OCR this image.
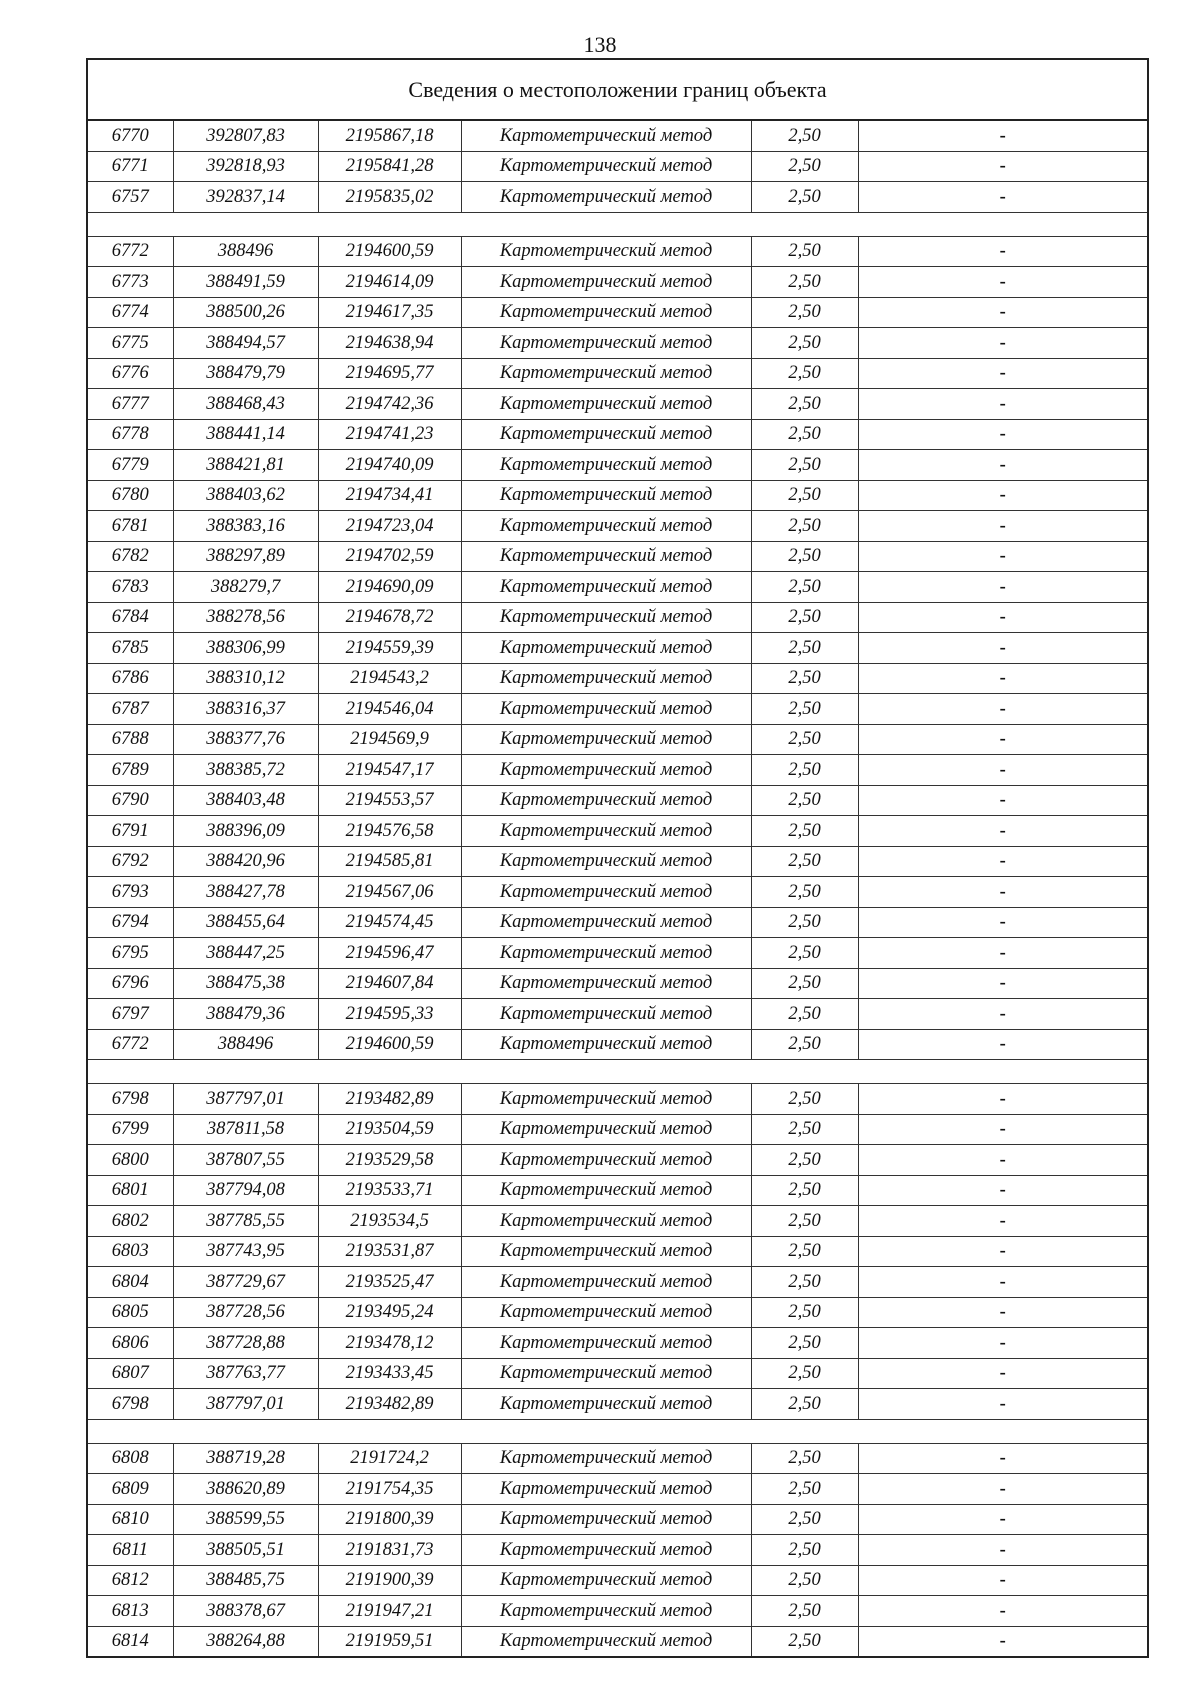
138
Сведения о местоположении границ объекта
6770	392807,83	2195867,18	Картометрический метод	2,50	-
6771	392818,93	2195841,28	Картометрический метод	2,50	-
6757	392837,14	2195835,02	Картометрический метод	2,50	-

6772	388496	2194600,59	Картометрический метод	2,50	-
6773	388491,59	2194614,09	Картометрический метод	2,50	-
6774	388500,26	2194617,35	Картометрический метод	2,50	-
6775	388494,57	2194638,94	Картометрический метод	2,50	-
6776	388479,79	2194695,77	Картометрический метод	2,50	-
6777	388468,43	2194742,36	Картометрический метод	2,50	-
6778	388441,14	2194741,23	Картометрический метод	2,50	-
6779	388421,81	2194740,09	Картометрический метод	2,50	-
6780	388403,62	2194734,41	Картометрический метод	2,50	-
6781	388383,16	2194723,04	Картометрический метод	2,50	-
6782	388297,89	2194702,59	Картометрический метод	2,50	-
6783	388279,7	2194690,09	Картометрический метод	2,50	-
6784	388278,56	2194678,72	Картометрический метод	2,50	-
6785	388306,99	2194559,39	Картометрический метод	2,50	-
6786	388310,12	2194543,2	Картометрический метод	2,50	-
6787	388316,37	2194546,04	Картометрический метод	2,50	-
6788	388377,76	2194569,9	Картометрический метод	2,50	-
6789	388385,72	2194547,17	Картометрический метод	2,50	-
6790	388403,48	2194553,57	Картометрический метод	2,50	-
6791	388396,09	2194576,58	Картометрический метод	2,50	-
6792	388420,96	2194585,81	Картометрический метод	2,50	-
6793	388427,78	2194567,06	Картометрический метод	2,50	-
6794	388455,64	2194574,45	Картометрический метод	2,50	-
6795	388447,25	2194596,47	Картометрический метод	2,50	-
6796	388475,38	2194607,84	Картометрический метод	2,50	-
6797	388479,36	2194595,33	Картометрический метод	2,50	-
6772	388496	2194600,59	Картометрический метод	2,50	-

6798	387797,01	2193482,89	Картометрический метод	2,50	-
6799	387811,58	2193504,59	Картометрический метод	2,50	-
6800	387807,55	2193529,58	Картометрический метод	2,50	-
6801	387794,08	2193533,71	Картометрический метод	2,50	-
6802	387785,55	2193534,5	Картометрический метод	2,50	-
6803	387743,95	2193531,87	Картометрический метод	2,50	-
6804	387729,67	2193525,47	Картометрический метод	2,50	-
6805	387728,56	2193495,24	Картометрический метод	2,50	-
6806	387728,88	2193478,12	Картометрический метод	2,50	-
6807	387763,77	2193433,45	Картометрический метод	2,50	-
6798	387797,01	2193482,89	Картометрический метод	2,50	-

6808	388719,28	2191724,2	Картометрический метод	2,50	-
6809	388620,89	2191754,35	Картометрический метод	2,50	-
6810	388599,55	2191800,39	Картометрический метод	2,50	-
6811	388505,51	2191831,73	Картометрический метод	2,50	-
6812	388485,75	2191900,39	Картометрический метод	2,50	-
6813	388378,67	2191947,21	Картометрический метод	2,50	-
6814	388264,88	2191959,51	Картометрический метод	2,50	-
